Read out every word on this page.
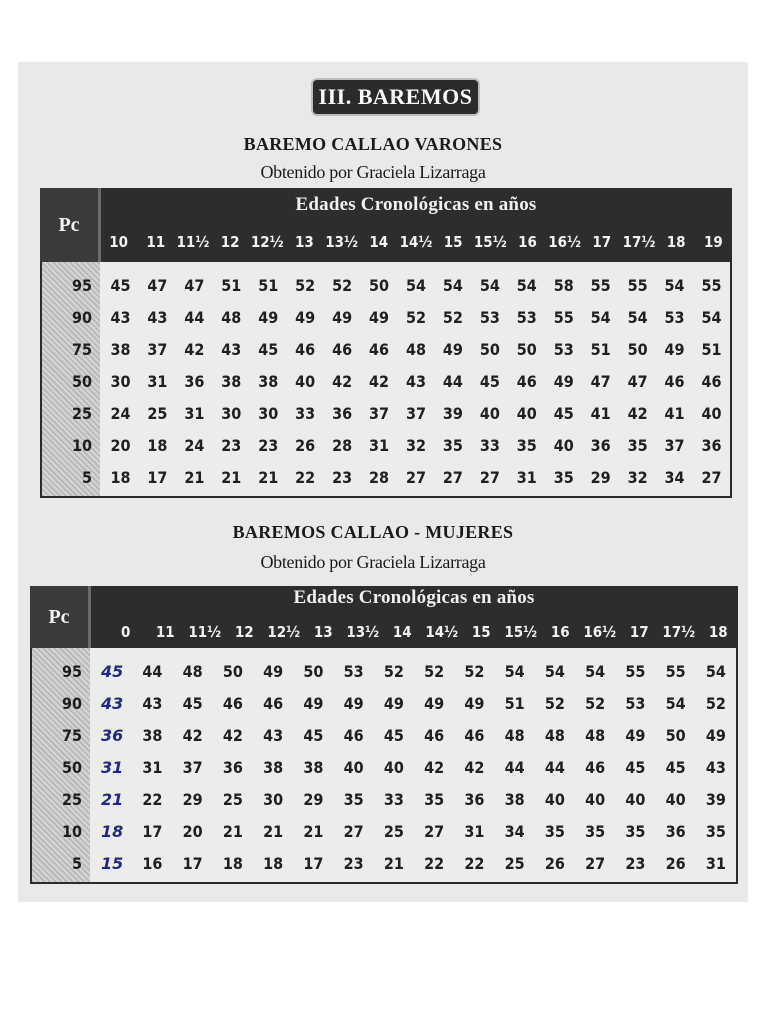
III. BAREMOS
BAREMO CALLAO VARONES
Obtenido por Graciela Lizarraga
Pc
Edades Cronológicas en años
10	11 11½ 12 12½ 13 13½ 14 14½ 15 15½ 16 16½ 17 17½ 18	19
95	45	47	47	51	51	52	52	50	54	54	54	54	58	55	55	54	55
90	43	43	44	48	49	49	49	49	52	52	53	53	55	54	54	53	54
75	38	37	42	43	45	46	46	46	48	49	50	50	53	51	50	49	51
50	30	31	36	38	38	40	42	42	43	44	45	46	49	47	47	46	46
25	24	25	31	30	30	33	36	37	37	39	40	40	45	41	42	41	40
10	20	18	24	23	23	26	28	31	32	35	33	35	40	36	35	37	36
5	18	17	21	21	21	22	23	28	27	27	27	31	35	29	32	34	27
BAREMOS CALLAO - MUJERES
Obtenido por Graciela Lizarraga
Pc
Edades Cronológicas en años
0	11 11½ 12 12½ 13 13½ 14 14½ 15 15½ 16 16½ 17 17½ 18
95	45	44	48	50	49	50	53	52	52	52	54	54	54	55	55	54
90	43	43	45	46	46	49	49	49	49	49	51	52	52	53	54	52
75	36	38	42	42	43	45	46	45	46	46	48	48	48	49	50	49
50	31	31	37	36	38	38	40	40	42	42	44	44	46	45	45	43
25	21	22	29	25	30	29	35	33	35	36	38	40	40	40	40	39
10	18	17	20	21	21	21	27	25	27	31	34	35	35	35	36	35
5	15	16	17	18	18	17	23	21	22	22	25	26	27	23	26	31
